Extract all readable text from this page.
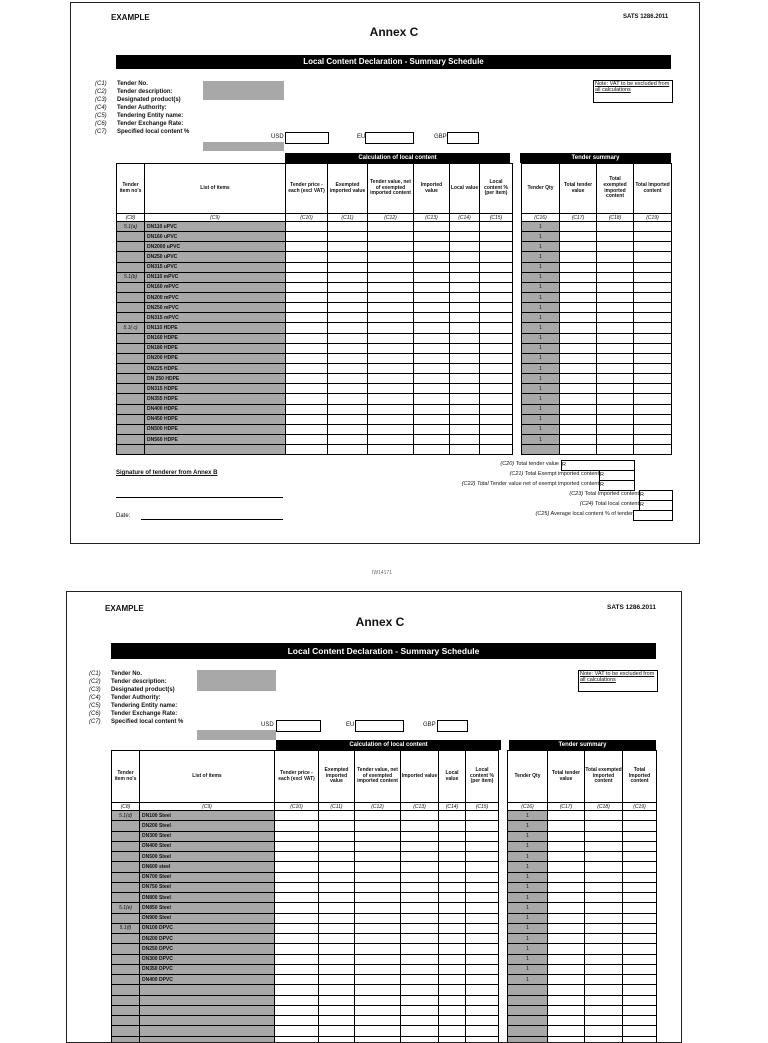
EXAMPLE	SATS 1286.2011
Annex C
Local Content Declaration - Summary Schedule
(C1) Tender No.
(C2) Tender description:
(C3) Designated product(s)
(C4) Tender Authority:
(C5) Tendering Entity name:
(C6) Tender Exchange Rate:
(C7) Specified local content %
Note: VAT to be excluded from all calculations
USD	EU	GBP
Calculation of local content	Tender summary
Tender item no's	List of items	Tender price - each (excl VAT)	Exempted imported value	Tender value, net of exempted imported content	Imported value	Local value	Local content % (per item)		Tender Qty	Total tender value	Total exempted imported content	Total Imported content
(C8)	(C9)	(C10)	(C11)	(C12)	(C13)	(C14)	(C15)		(C16)	(C17)	(C18)	(C19)
5.1(a)	DN110 uPVC								1			
	DN160 uPVC								1			
	DN2000 uPVC								1			
	DN250 uPVC								1			
	DN315 uPVC								1			
5.1(b)	DN110 mPVC								1			
	DN160 mPVC								1			
	DN200 mPVC								1			
	DN250 mPVC								1			
	DN315 mPVC								1			
5.1( c)	DN110 HDPE								1			
	DN160 HDPE								1			
	DN180 HDPE								1			
	DN200 HDPE								1			
	DN225 HDPE								1			
	DN 250 HDPE								1			
	DN315 HDPE								1			
	DN355 HDPE								1			
	DN400 HDPE								1			
	DN450 HDPE								1			
	DN500 HDPE								1			
	DN560 HDPE								1			

(C20) Total tender value R
(C21) Total Exempt imported content R
(C22) Total Tender value net of exempt imported content R
(C23) Total Imported content R
(C24) Total local content R
(C25) Average local content % of tender
Signature of tenderer from Annex B
Date:
IW14171
EXAMPLE	SATS 1286.2011
Annex C
Local Content Declaration - Summary Schedule
(C1) Tender No.
(C2) Tender description:
(C3) Designated product(s)
(C4) Tender Authority:
(C5) Tendering Entity name:
(C6) Tender Exchange Rate:
(C7) Specified local content %
Note: VAT to be excluded from all calculations
USD	EU	GBP
Calculation of local content	Tender summary
Tender item no's	List of items	Tender price - each (excl VAT)	Exempted imported value	Tender value, net of exempted imported content	Imported value	Local value	Local content % (per item)		Tender Qty	Total tender value	Total exempted imported content	Total Imported content
(C8)	(C9)	(C10)	(C11)	(C12)	(C13)	(C14)	(C15)		(C16)	(C17)	(C18)	(C19)
5.1(d)	DN100 Steel								1			
	DN200 Steel								1			
	DN300 Steel								1			
	DN400 Steel								1			
	DN500 Steel								1			
	DN600 steel								1			
	DN700 Steel								1			
	DN750 Steel								1			
	DN800 Steel								1			
5.1(e)	DN850 Steel								1			
	DN900 Steel								1			
5.1(f)	DN100 DPVC								1			
	DN200 DPVC								1			
	DN250 DPVC								1			
	DN300 DPVC								1			
	DN350 DPVC								1			
	DN400 DPVC								1			
